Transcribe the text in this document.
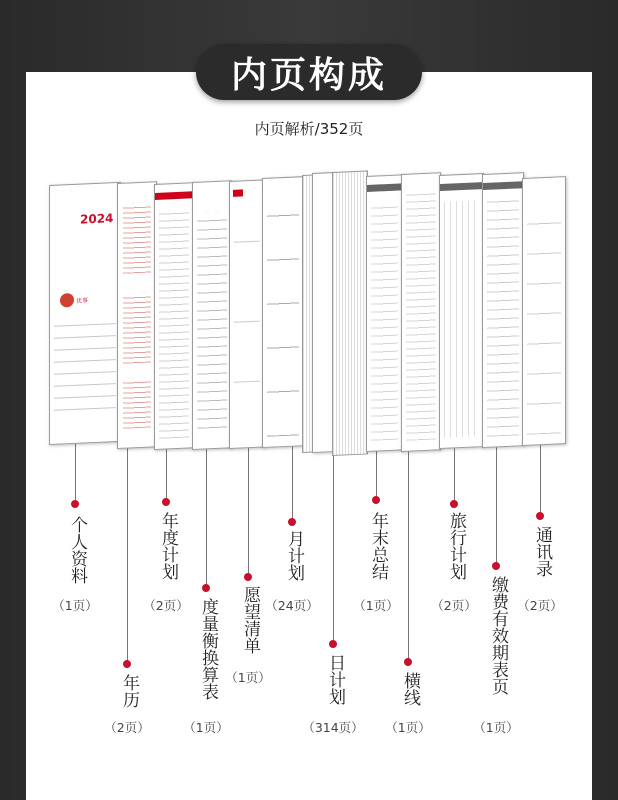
内页构成
内页解析/352页
2024
优事
个人资料
（1页）
年历
（2页）
年度计划
（2页） 度量衡换算表
（1页）
愿望清单
（1页）
月计划
（24页）
日计划
（314页）
年末总结
（1页）
横线
（1页）
旅行计划
（2页） 缴费有效期表页
（1页）
通讯录
（2页）
